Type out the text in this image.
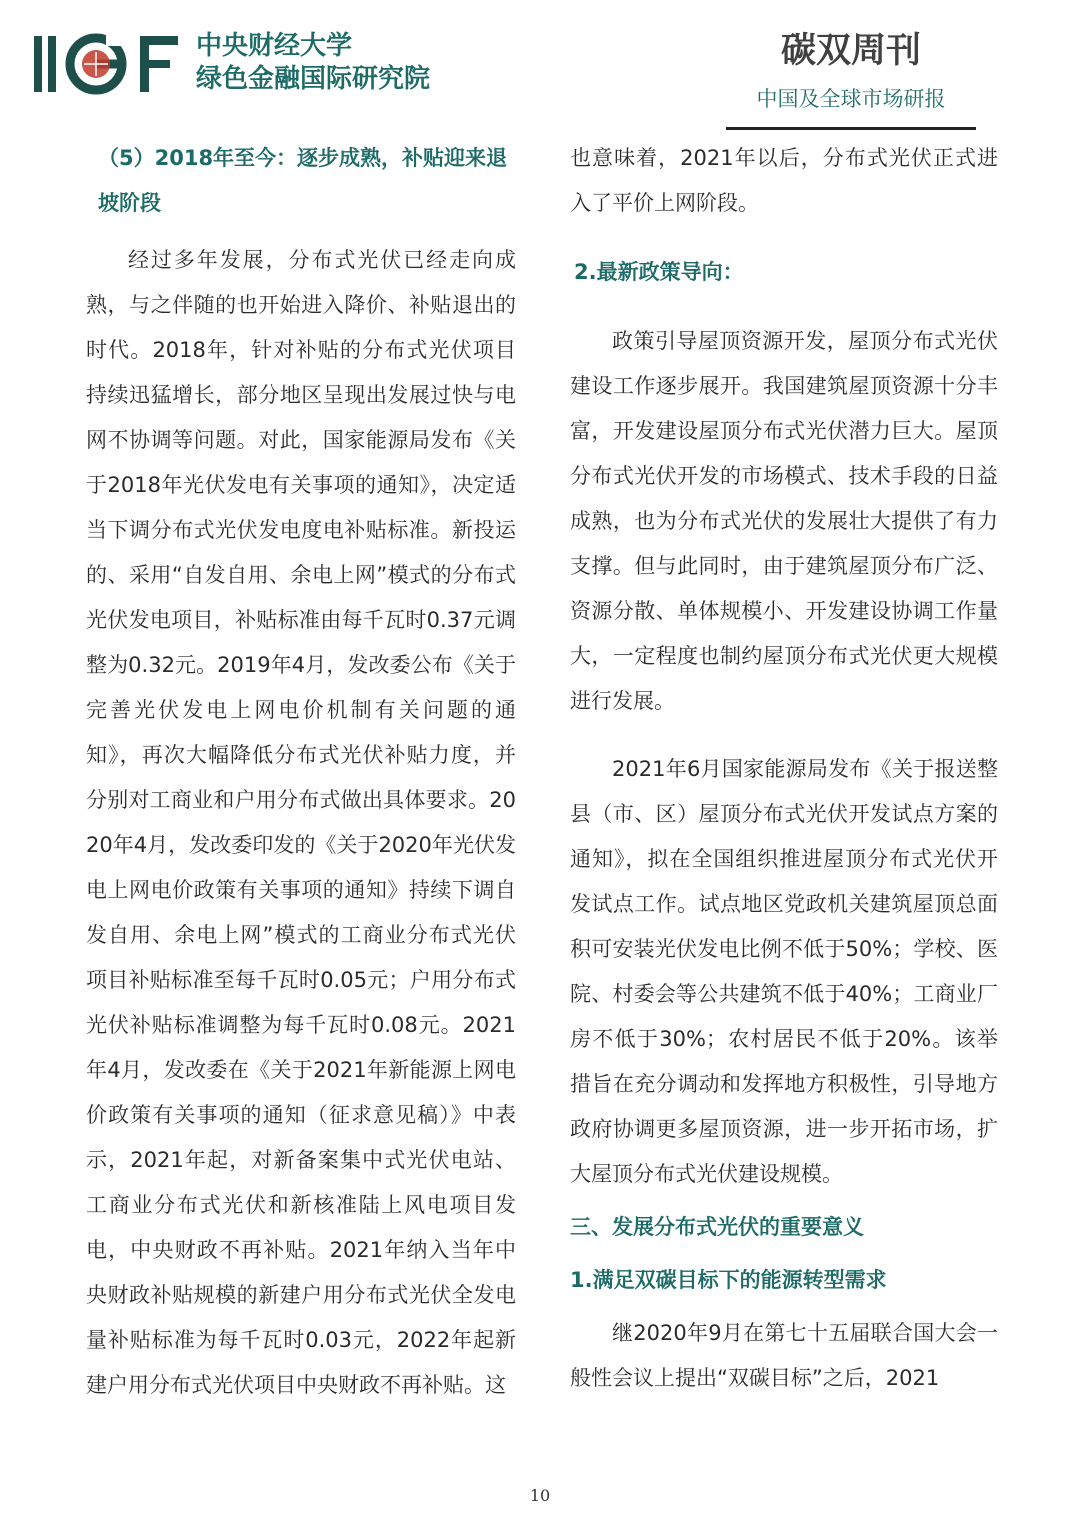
中央财经大学
绿色金融国际研究院
碳双周刊
中国及全球市场研报

（5）2018年至今：逐步成熟，补贴迎来退坡阶段

经过多年发展，分布式光伏已经走向成熟，与之伴随的也开始进入降价、补贴退出的时代。2018年，针对补贴的分布式光伏项目持续迅猛增长，部分地区呈现出发展过快与电网不协调等问题。对此，国家能源局发布《关于2018年光伏发电有关事项的通知》，决定适当下调分布式光伏发电度电补贴标准。新投运的、采用“自发自用、余电上网”模式的分布式光伏发电项目，补贴标准由每千瓦时0.37元调整为0.32元。2019年4月，发改委公布《关于完善光伏发电上网电价机制有关问题的通知》，再次大幅降低分布式光伏补贴力度，并分别对工商业和户用分布式做出具体要求。2020年4月，发改委印发的《关于2020年光伏发电上网电价政策有关事项的通知》持续下调自发自用、余电上网”模式的工商业分布式光伏项目补贴标准至每千瓦时0.05元；户用分布式光伏补贴标准调整为每千瓦时0.08元。2021年4月，发改委在《关于2021年新能源上网电价政策有关事项的通知（征求意见稿）》中表示，2021年起，对新备案集中式光伏电站、工商业分布式光伏和新核准陆上风电项目发电，中央财政不再补贴。2021年纳入当年中央财政补贴规模的新建户用分布式光伏全发电量补贴标准为每千瓦时0.03元，2022年起新建户用分布式光伏项目中央财政不再补贴。这

也意味着，2021年以后，分布式光伏正式进入了平价上网阶段。

2.最新政策导向：

政策引导屋顶资源开发，屋顶分布式光伏建设工作逐步展开。我国建筑屋顶资源十分丰富，开发建设屋顶分布式光伏潜力巨大。屋顶分布式光伏开发的市场模式、技术手段的日益成熟，也为分布式光伏的发展壮大提供了有力支撑。但与此同时，由于建筑屋顶分布广泛、资源分散、单体规模小、开发建设协调工作量大，一定程度也制约屋顶分布式光伏更大规模进行发展。

2021年6月国家能源局发布《关于报送整县（市、区）屋顶分布式光伏开发试点方案的通知》，拟在全国组织推进屋顶分布式光伏开发试点工作。试点地区党政机关建筑屋顶总面积可安装光伏发电比例不低于50%；学校、医院、村委会等公共建筑不低于40%；工商业厂房不低于30%；农村居民不低于20%。该举措旨在充分调动和发挥地方积极性，引导地方政府协调更多屋顶资源，进一步开拓市场，扩大屋顶分布式光伏建设规模。

三、发展分布式光伏的重要意义

1.满足双碳目标下的能源转型需求

继2020年9月在第七十五届联合国大会一般性会议上提出“双碳目标”之后，2021

10
